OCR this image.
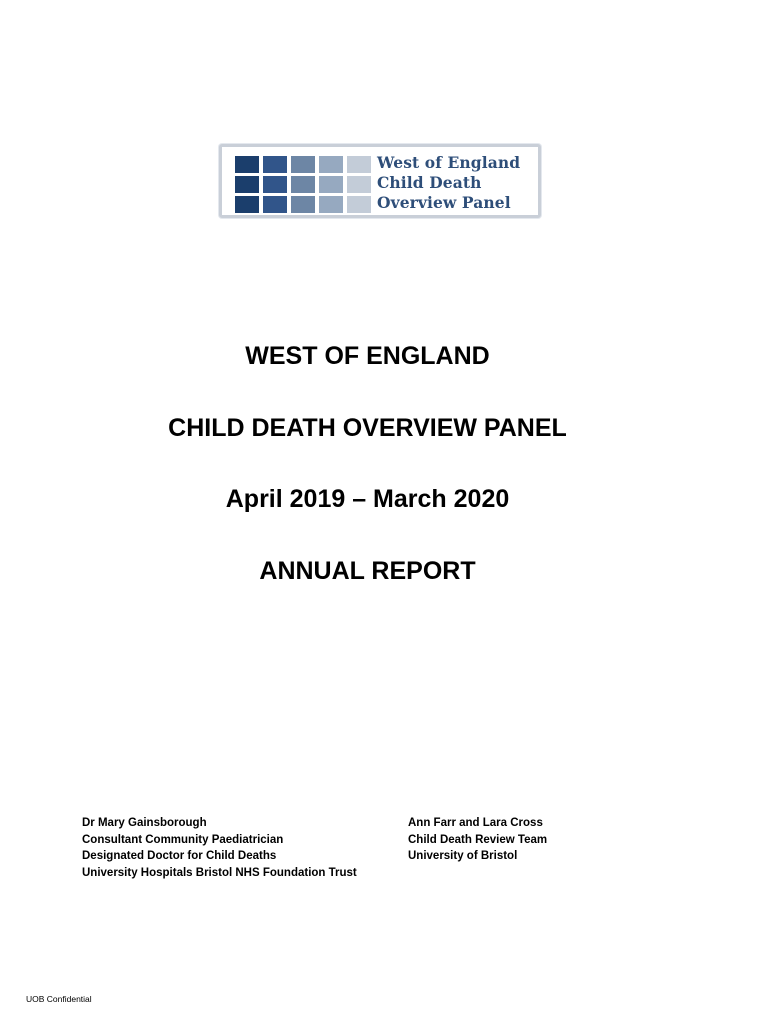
West of England
Child Death
Overview Panel
WEST OF ENGLAND
CHILD DEATH OVERVIEW PANEL
April 2019 – March 2020
ANNUAL REPORT
Dr Mary Gainsborough
Consultant Community Paediatrician
Designated Doctor for Child Deaths
University Hospitals Bristol NHS Foundation Trust
Ann Farr and Lara Cross
Child Death Review Team
University of Bristol
UOB Confidential
